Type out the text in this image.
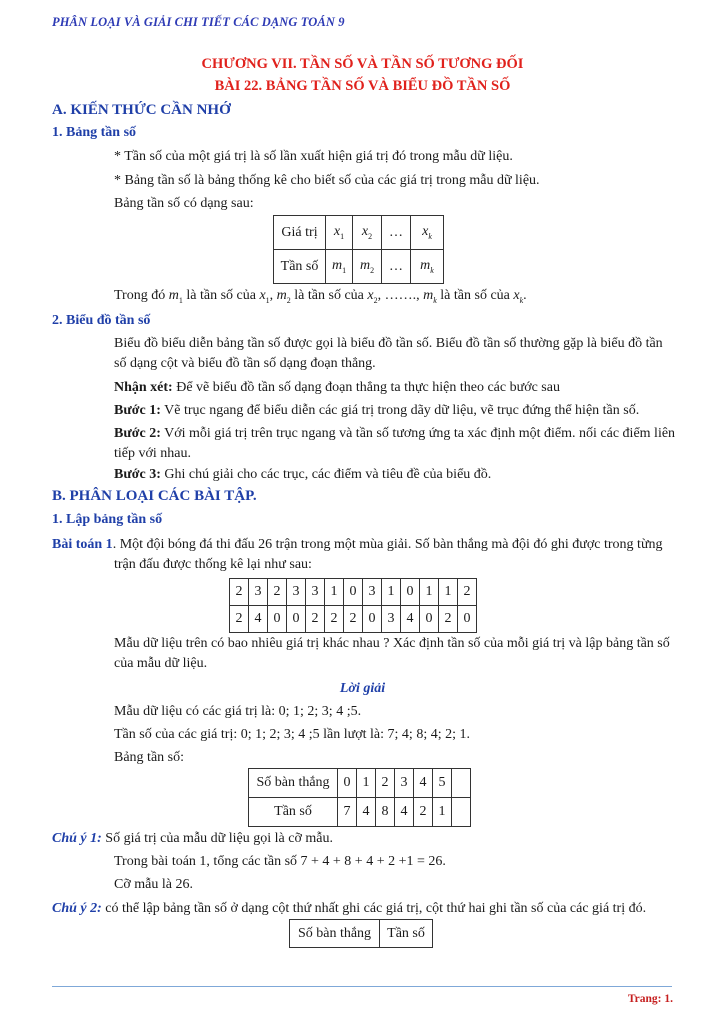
PHÂN LOẠI VÀ GIẢI CHI TIẾT CÁC DẠNG TOÁN 9
CHƯƠNG VII. TẦN SỐ VÀ TẦN SỐ TƯƠNG ĐỐI
BÀI 22. BẢNG TẦN SỐ VÀ BIỂU ĐỒ TẦN SỐ
A. KIẾN THỨC CẦN NHỚ
1. Bảng tần số
* Tần số của một giá trị là số lần xuất hiện giá trị đó trong mẫu dữ liệu.
* Bảng tần số là bảng thống kê cho biết số của các giá trị trong mẫu dữ liệu.
Bảng tần số có dạng sau:
Giá trị	$x_1$	$x_2$	…	$x_k$
Tần số	$m_1$	$m_2$	…	$m_k$
Trong đó $m_1$ là tần số của $x_1$, $m_2$ là tần số của $x_2$, ……., $m_k$ là tần số của $x_k$.
2. Biểu đồ tần số
Biểu đồ biểu diễn bảng tần số được gọi là biểu đồ tần số. Biểu đồ tần số thường gặp là biểu đồ tần số dạng cột và biểu đồ tần số dạng đoạn thẳng.
Nhận xét: Để vẽ biểu đồ tần số dạng đoạn thẳng ta thực hiện theo các bước sau
Bước 1: Vẽ trục ngang để biểu diễn các giá trị trong dãy dữ liệu, vẽ trục đứng thể hiện tần số.
Bước 2: Với mỗi giá trị trên trục ngang và tần số tương ứng ta xác định một điểm. nối các điểm liên tiếp với nhau.
Bước 3: Ghi chú giải cho các trục, các điểm và tiêu đề của biểu đồ.
B. PHÂN LOẠI CÁC BÀI TẬP.
1. Lập bảng tần số
Bài toán 1. Một đội bóng đá thi đấu 26 trận trong một mùa giải. Số bàn thắng mà đội đó ghi được trong từng trận đấu được thống kê lại như sau:
2	3	2	3	3	1	0	3	1	0	1	1	2
2	4	0	0	2	2	2	0	3	4	0	2	0
Mẫu dữ liệu trên có bao nhiêu giá trị khác nhau ? Xác định tần số của mỗi giá trị và lập bảng tần số của mẫu dữ liệu.
Lời giải
Mẫu dữ liệu có các giá trị là: 0; 1; 2; 3; 4 ;5.
Tần số của các giá trị: 0; 1; 2; 3; 4 ;5 lần lượt là: 7; 4; 8; 4; 2; 1.
Bảng tần số:
Số bàn thắng	0	1	2	3	4	5	
Tần số	7	4	8	4	2	1	
Chú ý 1: Số giá trị của mẫu dữ liệu gọi là cỡ mẫu.
Trong bài toán 1, tổng các tần số 7 + 4 + 8 + 4 + 2 +1 = 26.
Cỡ mẫu là 26.
Chú ý 2: có thể lập bảng tần số ở dạng cột thứ nhất ghi các giá trị, cột thứ hai ghi tần số của các giá trị đó.
Số bàn thắng	Tần số
Trang: 1.
